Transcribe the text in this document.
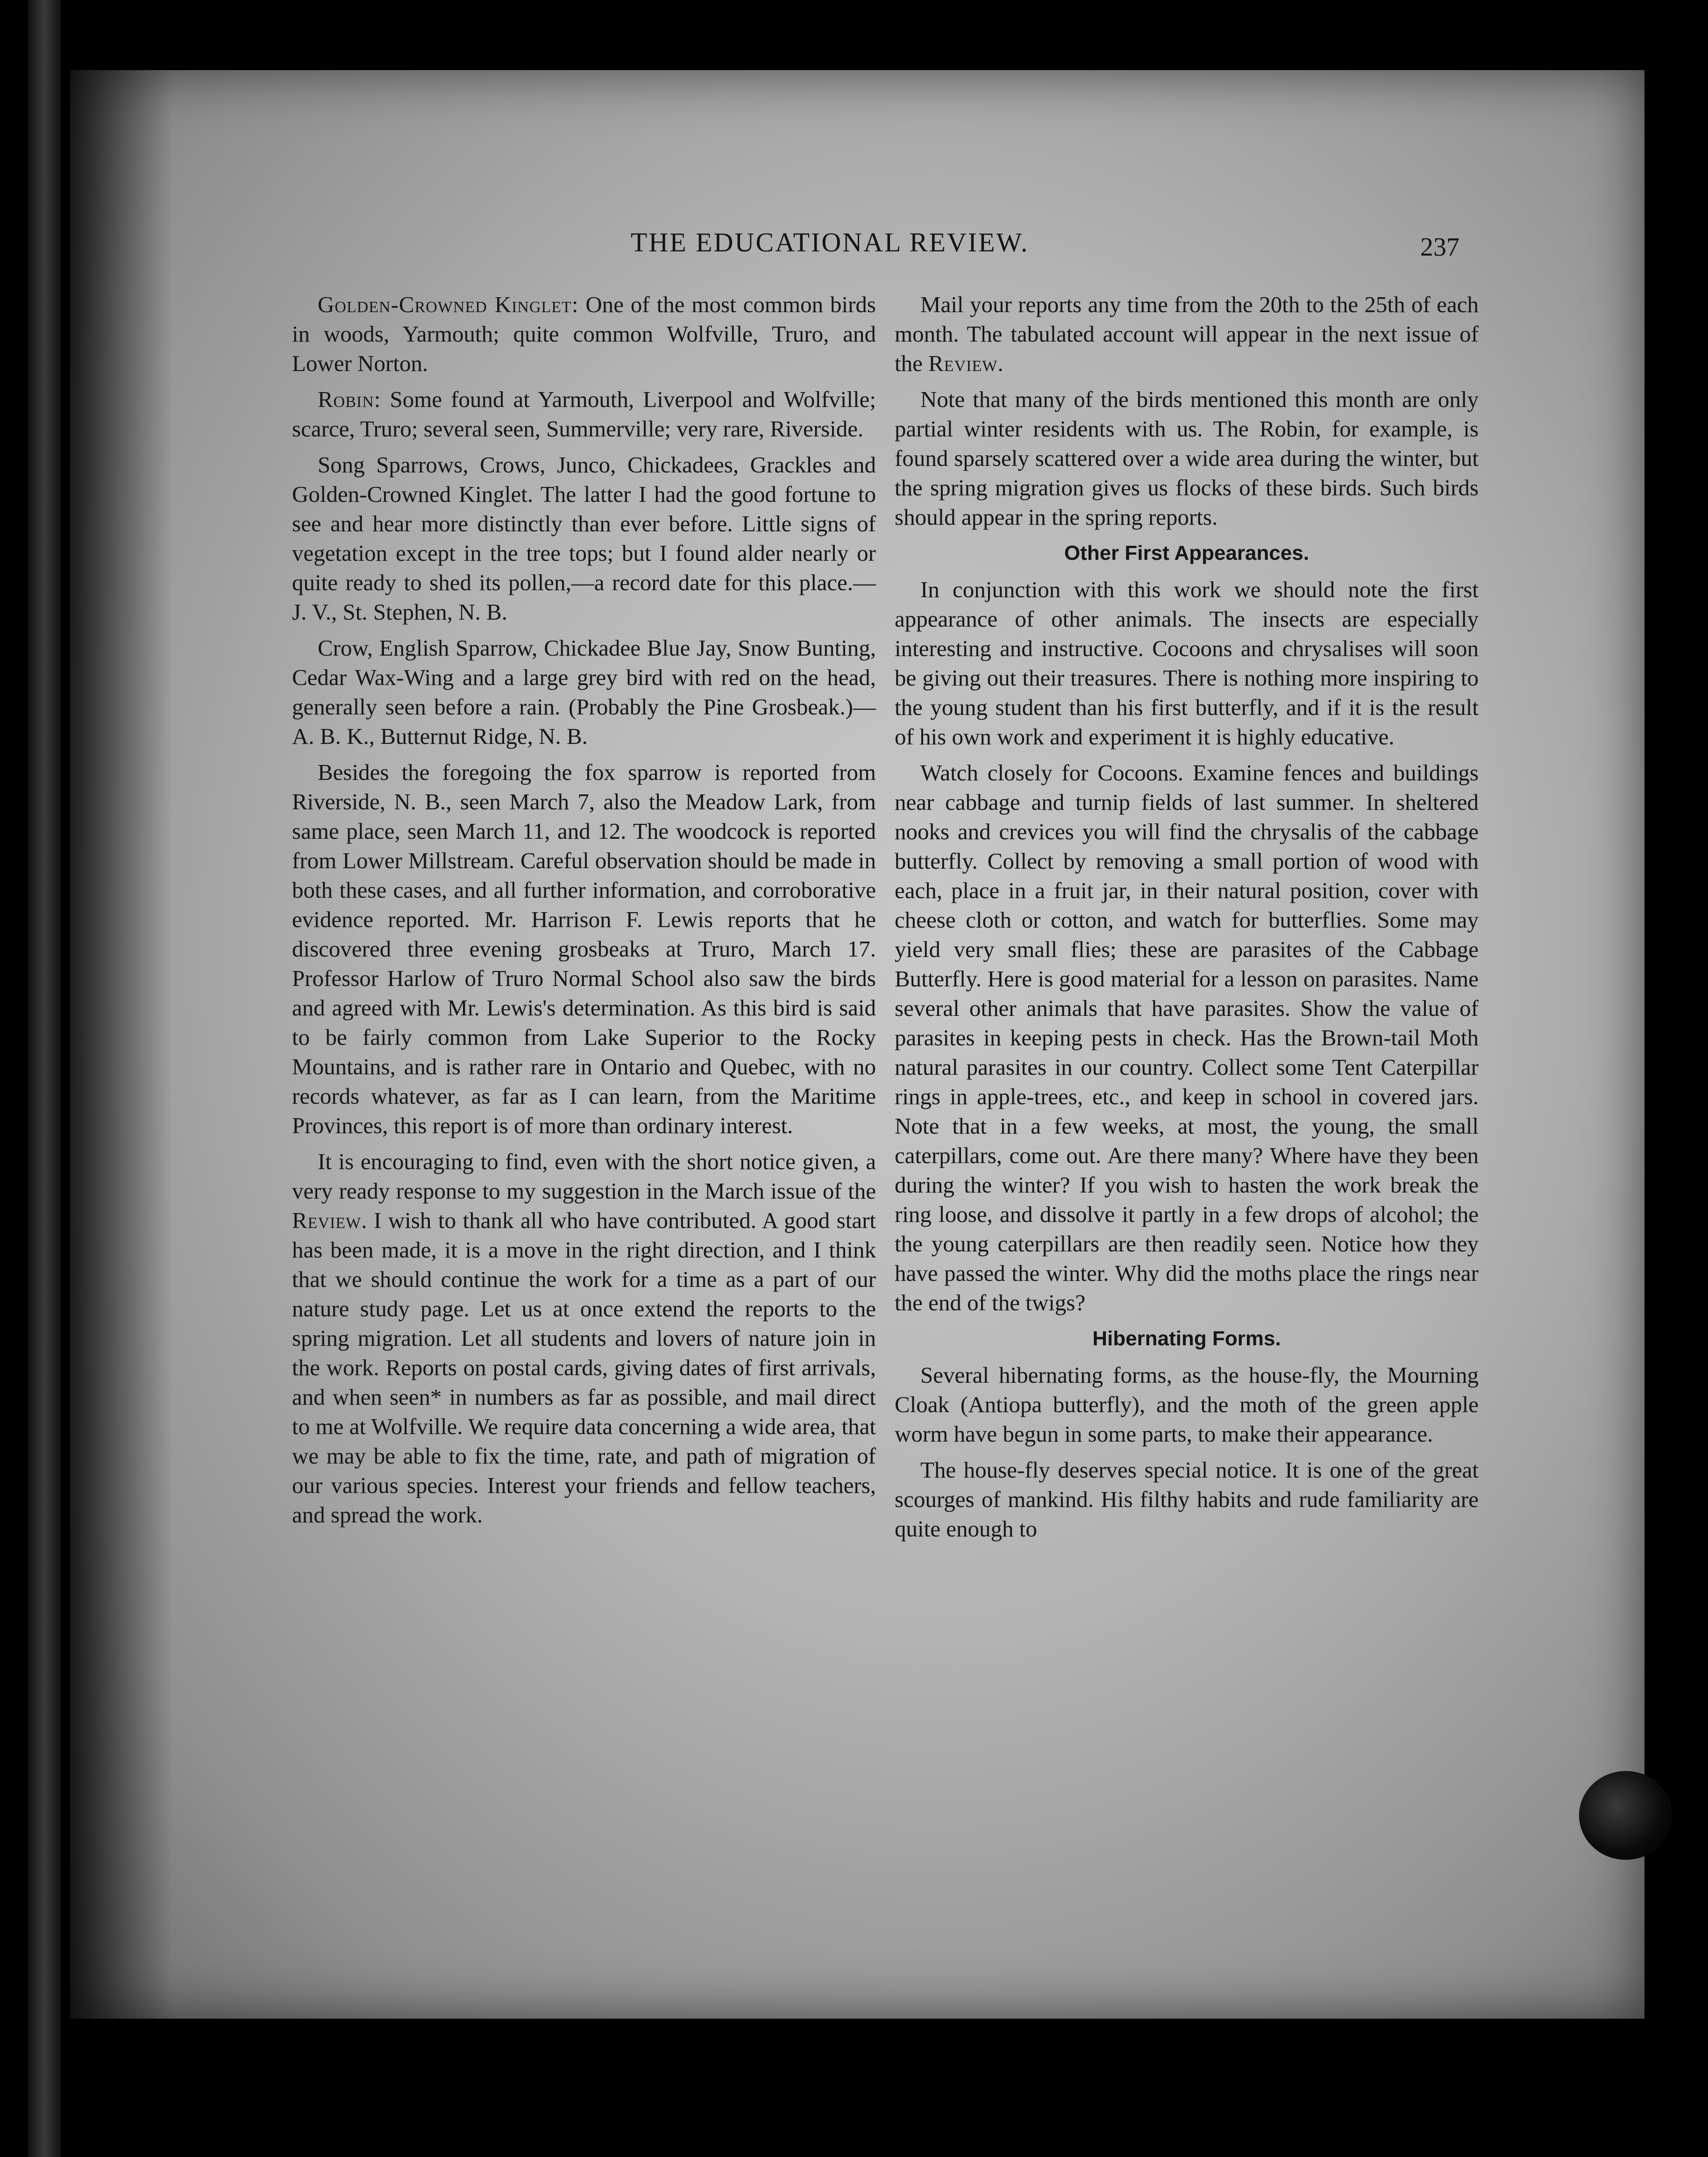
THE EDUCATIONAL REVIEW.	237

Golden-Crowned Kinglet: One of the most common birds in woods, Yarmouth; quite common Wolfville, Truro, and Lower Norton.

Robin: Some found at Yarmouth, Liverpool and Wolfville; scarce, Truro; several seen, Summerville; very rare, Riverside.

Song Sparrows, Crows, Junco, Chickadees, Grackles and Golden-Crowned Kinglet. The latter I had the good fortune to see and hear more distinctly than ever before. Little signs of vegetation except in the tree tops; but I found alder nearly or quite ready to shed its pollen,—a record date for this place.— J. V., St. Stephen, N. B.

Crow, English Sparrow, Chickadee Blue Jay, Snow Bunting, Cedar Wax-Wing and a large grey bird with red on the head, generally seen before a rain. (Probably the Pine Grosbeak.)—A. B. K., Butternut Ridge, N. B.

Besides the foregoing the fox sparrow is reported from Riverside, N. B., seen March 7, also the Meadow Lark, from same place, seen March 11, and 12. The woodcock is reported from Lower Millstream. Careful observation should be made in both these cases, and all further information, and corroborative evidence reported. Mr. Harrison F. Lewis reports that he discovered three evening grosbeaks at Truro, March 17. Professor Harlow of Truro Normal School also saw the birds and agreed with Mr. Lewis's determination. As this bird is said to be fairly common from Lake Superior to the Rocky Mountains, and is rather rare in Ontario and Quebec, with no records whatever, as far as I can learn, from the Maritime Provinces, this report is of more than ordinary interest.

It is encouraging to find, even with the short notice given, a very ready response to my suggestion in the March issue of the Review. I wish to thank all who have contributed. A good start has been made, it is a move in the right direction, and I think that we should continue the work for a time as a part of our nature study page. Let us at once extend the reports to the spring migration. Let all students and lovers of nature join in the work. Reports on postal cards, giving dates of first arrivals, and when seen* in numbers as far as possible, and mail direct to me at Wolfville. We require data concerning a wide area, that we may be able to fix the time, rate, and path of migration of our various species. Interest your friends and fellow teachers, and spread the work.

Mail your reports any time from the 20th to the 25th of each month. The tabulated account will appear in the next issue of the Review.

Note that many of the birds mentioned this month are only partial winter residents with us. The Robin, for example, is found sparsely scattered over a wide area during the winter, but the spring migration gives us flocks of these birds. Such birds should appear in the spring reports.

Other First Appearances.

In conjunction with this work we should note the first appearance of other animals. The insects are especially interesting and instructive. Cocoons and chrysalises will soon be giving out their treasures. There is nothing more inspiring to the young student than his first butterfly, and if it is the result of his own work and experiment it is highly educative.

Watch closely for Cocoons. Examine fences and buildings near cabbage and turnip fields of last summer. In sheltered nooks and crevices you will find the chrysalis of the cabbage butterfly. Collect by removing a small portion of wood with each, place in a fruit jar, in their natural position, cover with cheese cloth or cotton, and watch for butterflies. Some may yield very small flies; these are parasites of the Cabbage Butterfly. Here is good material for a lesson on parasites. Name several other animals that have parasites. Show the value of parasites in keeping pests in check. Has the Brown-tail Moth natural parasites in our country. Collect some Tent Caterpillar rings in apple-trees, etc., and keep in school in covered jars. Note that in a few weeks, at most, the young, the small caterpillars, come out. Are there many? Where have they been during the winter? If you wish to hasten the work break the ring loose, and dissolve it partly in a few drops of alcohol; the the young caterpillars are then readily seen. Notice how they have passed the winter. Why did the moths place the rings near the end of the twigs?

Hibernating Forms.

Several hibernating forms, as the house-fly, the Mourning Cloak (Antiopa butterfly), and the moth of the green apple worm have begun in some parts, to make their appearance.

The house-fly deserves special notice. It is one of the great scourges of mankind. His filthy habits and rude familiarity are quite enough to
